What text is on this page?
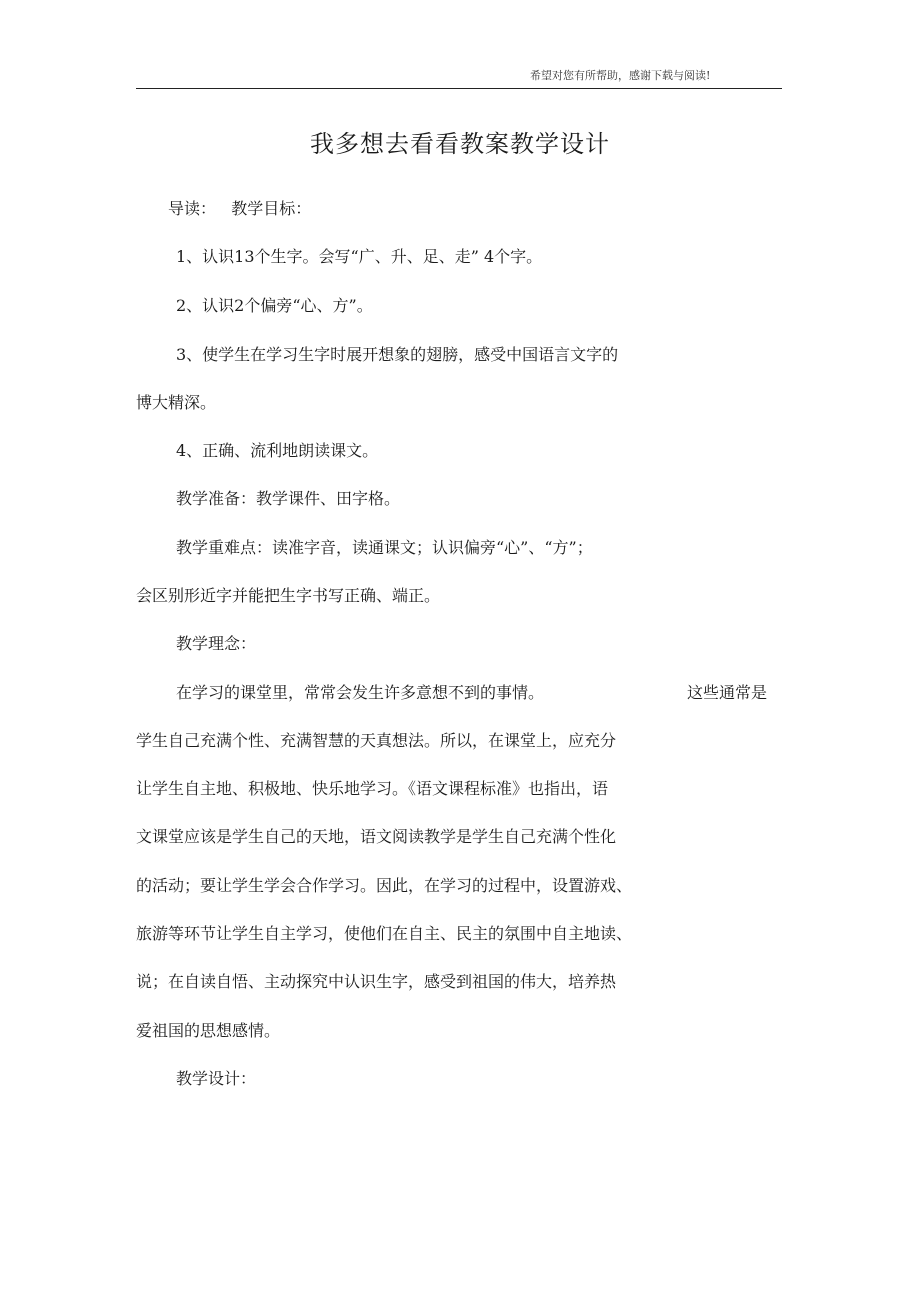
希望对您有所帮助，感谢下载与阅读!
我多想去看看教案教学设计
导读：   教学目标：
1、认识13个生字。会写“广、升、足、走” 4个字。
2、认识2个偏旁“心、方”。
3、使学生在学习生字时展开想象的翅膀，感受中国语言文字的
博大精深。
4、正确、流利地朗读课文。
教学准备：教学课件、田字格。
教学重难点：读准字音，读通课文；认识偏旁“心”、“方”；
会区别形近字并能把生字书写正确、端正。
教学理念：
在学习的课堂里，常常会发生许多意想不到的事情。	这些通常是
学生自己充满个性、充满智慧的天真想法。所以，在课堂上，应充分
让学生自主地、积极地、快乐地学习。《语文课程标准》也指出，语
文课堂应该是学生自己的天地，语文阅读教学是学生自己充满个性化
的活动；要让学生学会合作学习。因此，在学习的过程中，设置游戏、
旅游等环节让学生自主学习，使他们在自主、民主的氛围中自主地读、
说；在自读自悟、主动探究中认识生字，感受到祖国的伟大，培养热
爱祖国的思想感情。
教学设计：
